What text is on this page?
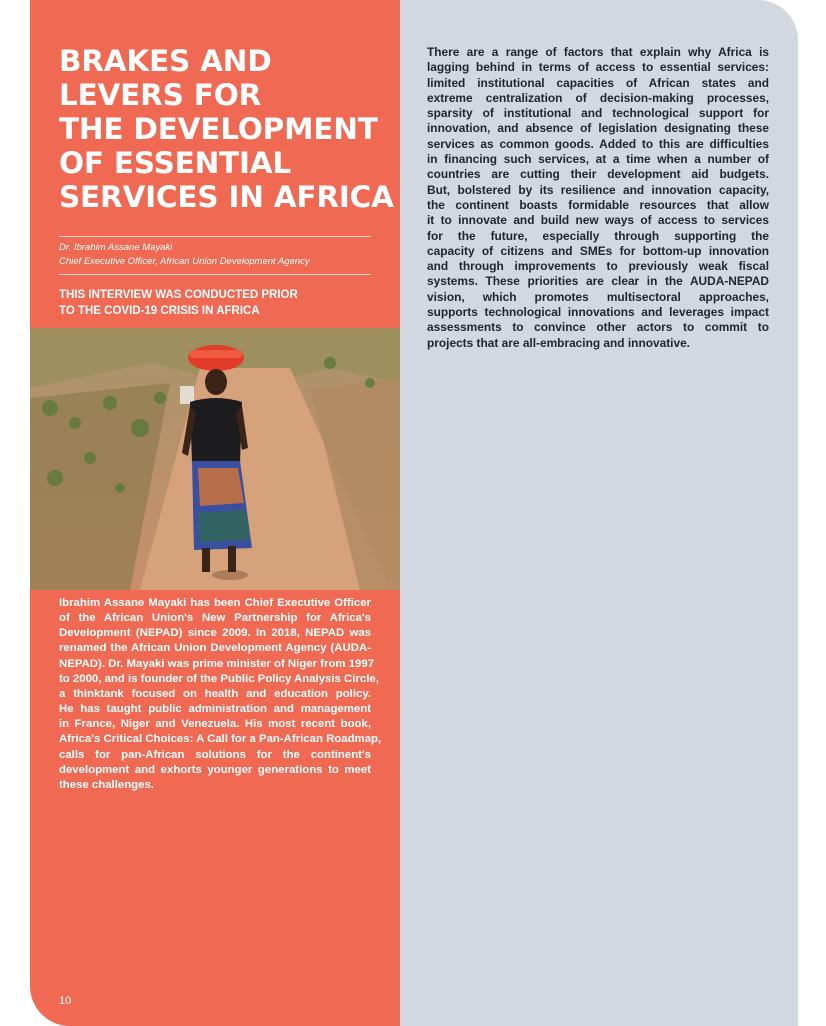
BRAKES AND
LEVERS FOR
THE DEVELOPMENT
OF ESSENTIAL
SERVICES IN AFRICA
Dr. Ibrahim Assane Mayaki
Chief Executive Officer, African Union Development Agency
THIS INTERVIEW WAS CONDUCTED PRIOR
TO THE COVID-19 CRISIS IN AFRICA
Ibrahim Assane Mayaki has been Chief Executive Officer
of the African Union's New Partnership for Africa's
Development (NEPAD) since 2009. In 2018, NEPAD was
renamed the African Union Development Agency (AUDA-
NEPAD). Dr. Mayaki was prime minister of Niger from 1997
to 2000, and is founder of the Public Policy Analysis Circle,
a thinktank focused on health and education policy.
He has taught public administration and management
in France, Niger and Venezuela. His most recent book,
Africa's Critical Choices: A Call for a Pan-African Roadmap,
calls for pan-African solutions for the continent's
development and exhorts younger generations to meet
these challenges.
10
There are a range of factors that explain why Africa is
lagging behind in terms of access to essential services:
limited institutional capacities of African states and
extreme centralization of decision-making processes,
sparsity of institutional and technological support for
innovation, and absence of legislation designating these
services as common goods. Added to this are difficulties
in financing such services, at a time when a number of
countries are cutting their development aid budgets.
But, bolstered by its resilience and innovation capacity,
the continent boasts formidable resources that allow
it to innovate and build new ways of access to services
for the future, especially through supporting the
capacity of citizens and SMEs for bottom-up innovation
and through improvements to previously weak fiscal
systems. These priorities are clear in the AUDA-NEPAD
vision, which promotes multisectoral approaches,
supports technological innovations and leverages impact
assessments to convince other actors to commit to
projects that are all-embracing and innovative.
